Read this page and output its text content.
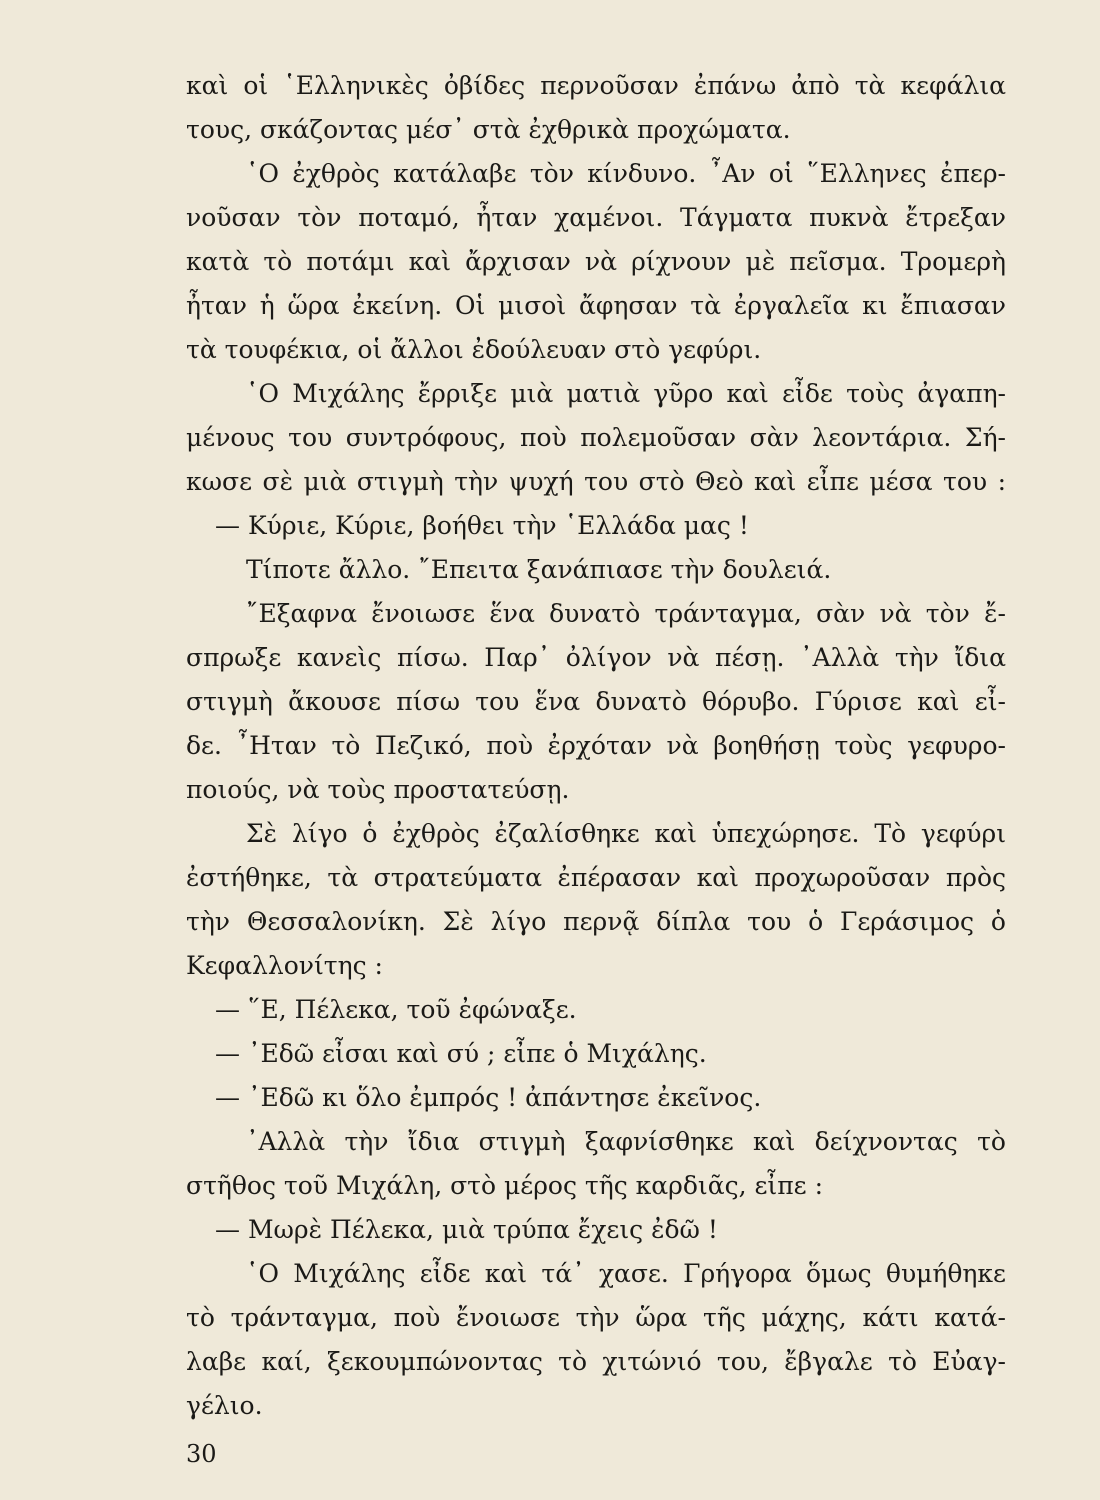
καὶ οἱ ῾Ελληνικὲς ὀβίδες περνοῦσαν ἐπάνω ἀπὸ τὰ κεφάλια
τους, σκάζοντας μέσ᾽ στὰ ἐχθρικὰ προχώματα.
῾Ο ἐχθρὸς κατάλαβε τὸν κίνδυνο. ῏Αν οἱ ῞Ελληνες ἐπερ-
νοῦσαν τὸν ποταμό, ἦταν χαμένοι. Τάγματα πυκνὰ ἔτρεξαν
κατὰ τὸ ποτάμι καὶ ἄρχισαν νὰ ρίχνουν μὲ πεῖσμα. Τρομερὴ
ἦταν ἡ ὥρα ἐκείνη. Οἱ μισοὶ ἄφησαν τὰ ἐργαλεῖα κι ἔπιασαν
τὰ τουφέκια, οἱ ἄλλοι ἐδούλευαν στὸ γεφύρι.
῾Ο Μιχάλης ἔρριξε μιὰ ματιὰ γῦρο καὶ εἶδε τοὺς ἀγαπη-
μένους του συντρόφους, ποὺ πολεμοῦσαν σὰν λεοντάρια. Σή-
κωσε σὲ μιὰ στιγμὴ τὴν ψυχή του στὸ Θεὸ καὶ εἶπε μέσα του :
— Κύριε, Κύριε, βοήθει τὴν ῾Ελλάδα μας !
Τίποτε ἄλλο. ῎Επειτα ξανάπιασε τὴν δουλειά.
῎Εξαφνα ἔνοιωσε ἕνα δυνατὸ τράνταγμα, σὰν νὰ τὸν ἔ-
σπρωξε κανεὶς πίσω. Παρ᾽ ὀλίγον νὰ πέσῃ. ᾽Αλλὰ τὴν ἴδια
στιγμὴ ἄκουσε πίσω του ἕνα δυνατὸ θόρυβο. Γύρισε καὶ εἶ-
δε. ῏Ηταν τὸ Πεζικό, ποὺ ἐρχόταν νὰ βοηθήσῃ τοὺς γεφυρο-
ποιούς, νὰ τοὺς προστατεύσῃ.
Σὲ λίγο ὁ ἐχθρὸς ἐζαλίσθηκε καὶ ὑπεχώρησε. Τὸ γεφύρι
ἐστήθηκε, τὰ στρατεύματα ἐπέρασαν καὶ προχωροῦσαν πρὸς
τὴν Θεσσαλονίκη. Σὲ λίγο περνᾷ δίπλα του ὁ Γεράσιμος ὁ
Κεφαλλονίτης :
— ῞Ε, Πέλεκα, τοῦ ἐφώναξε.
— ᾽Εδῶ εἶσαι καὶ σύ ; εἶπε ὁ Μιχάλης.
— ᾽Εδῶ κι ὅλο ἐμπρός ! ἀπάντησε ἐκεῖνος.
᾽Αλλὰ τὴν ἴδια στιγμὴ ξαφνίσθηκε καὶ δείχνοντας τὸ
στῆθος τοῦ Μιχάλη, στὸ μέρος τῆς καρδιᾶς, εἶπε :
— Μωρὲ Πέλεκα, μιὰ τρύπα ἔχεις ἐδῶ !
῾Ο Μιχάλης εἶδε καὶ τά᾽ χασε. Γρήγορα ὅμως θυμήθηκε
τὸ τράνταγμα, ποὺ ἔνοιωσε τὴν ὥρα τῆς μάχης, κάτι κατά-
30
λαβε καί, ξεκουμπώνοντας τὸ χιτώνιό του, ἔβγαλε τὸ Εὐαγ-
γέλιο.
